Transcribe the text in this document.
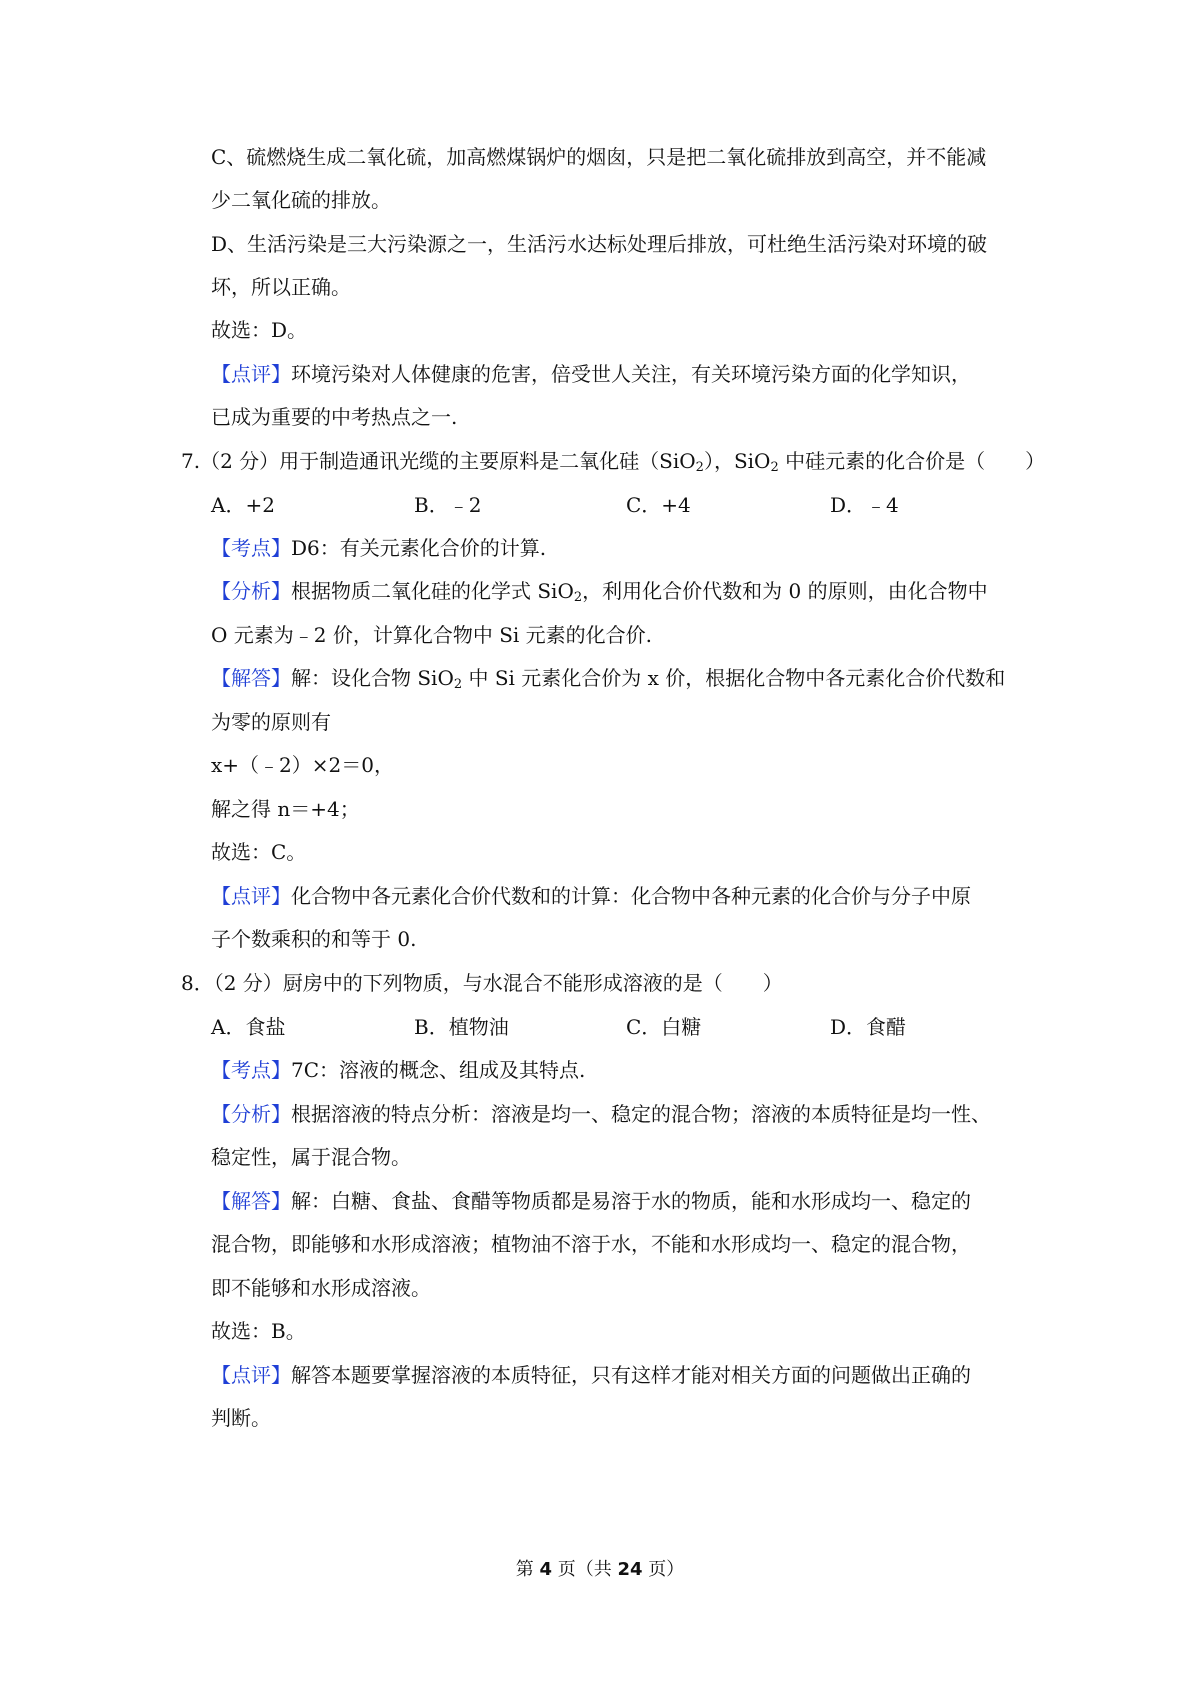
C、硫燃烧生成二氧化硫，加高燃煤锅炉的烟囱，只是把二氧化硫排放到高空，并不能减
少二氧化硫的排放。
D、生活污染是三大污染源之一，生活污水达标处理后排放，可杜绝生活污染对环境的破
坏，所以正确。
故选：D。
【点评】环境污染对人体健康的危害，倍受世人关注，有关环境污染方面的化学知识，
已成为重要的中考热点之一.
7.（2 分）用于制造通讯光缆的主要原料是二氧化硅（SiO$_2$），SiO$_2$ 中硅元素的化合价是（　　）
A．+2	B．﹣2	C．+4	D．﹣4
【考点】D6：有关元素化合价的计算.
【分析】根据物质二氧化硅的化学式 SiO$_2$，利用化合价代数和为 0 的原则，由化合物中
O 元素为﹣2 价，计算化合物中 Si 元素的化合价.
【解答】解：设化合物 SiO$_2$ 中 Si 元素化合价为 x 价，根据化合物中各元素化合价代数和
为零的原则有
x+（﹣2）×2＝0，
解之得 n＝+4；
故选：C。
【点评】化合物中各元素化合价代数和的计算：化合物中各种元素的化合价与分子中原
子个数乘积的和等于 0.
8．（2 分）厨房中的下列物质，与水混合不能形成溶液的是（　　）
A．食盐	B．植物油	C．白糖	D．食醋
【考点】7C：溶液的概念、组成及其特点.
【分析】根据溶液的特点分析：溶液是均一、稳定的混合物；溶液的本质特征是均一性、
稳定性，属于混合物。
【解答】解：白糖、食盐、食醋等物质都是易溶于水的物质，能和水形成均一、稳定的
混合物，即能够和水形成溶液；植物油不溶于水，不能和水形成均一、稳定的混合物，
即不能够和水形成溶液。
故选：B。
【点评】解答本题要掌握溶液的本质特征，只有这样才能对相关方面的问题做出正确的
判断。
第 4 页（共 24 页）
